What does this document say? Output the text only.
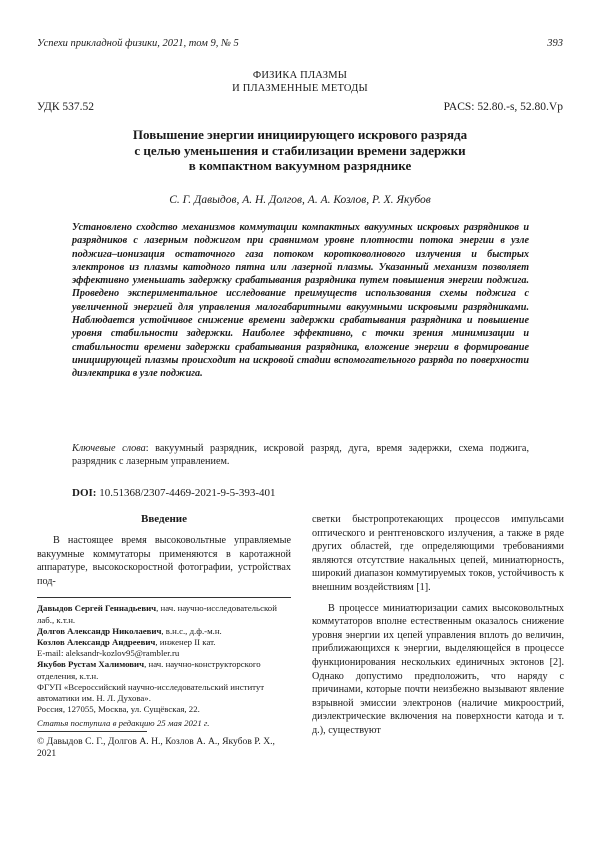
Успехи прикладной физики, 2021, том 9, № 5	393
ФИЗИКА ПЛАЗМЫ
И ПЛАЗМЕННЫЕ МЕТОДЫ
УДК 537.52	PACS: 52.80.-s, 52.80.Vp
Повышение энергии инициирующего искрового разряда
с целью уменьшения и стабилизации времени задержки
в компактном вакуумном разряднике
С. Г. Давыдов, А. Н. Долгов, А. А. Козлов, Р. Х. Якубов
Установлено сходство механизмов коммутации компактных вакуумных искровых разрядников и разрядников с лазерным поджигом при сравнимом уровне плотности потока энергии в узле поджига–ионизация остаточного газа потоком коротковолнового излучения и быстрых электронов из плазмы катодного пятна или лазерной плазмы. Указанный механизм позволяет эффективно уменьшать задержку срабатывания разрядника путем повышения энергии поджига. Проведено экспериментальное исследование преимуществ использования схемы поджига с увеличенной энергией для управления малогабаритными вакуумными искровыми разрядниками. Наблюдается устойчивое снижение времени задержки срабатывания разрядника и повышение уровня стабильности задержки. Наиболее эффективно, с точки зрения минимизации и стабильности времени задержки срабатывания разрядника, вложение энергии в формирование инициирующей плазмы происходит на искровой стадии вспомогательного разряда по поверхности диэлектрика в узле поджига.
Ключевые слова: вакуумный разрядник, искровой разряд, дуга, время задержки, схема поджига, разрядник с лазерным управлением.
DOI: 10.51368/2307-4469-2021-9-5-393-401
Введение

В настоящее время высоковольтные управляемые вакуумные коммутаторы применяются в каротажной аппаратуре, высокоскоростной фотографии, устройствах под-

Давыдов Сергей Геннадьевич, нач. научно-исследовательской лаб., к.т.н.
Долгов Александр Николаевич, в.н.с., д.ф.-м.н.
Козлов Александр Андреевич, инженер II кат.
E-mail: aleksandr-kozlov95@rambler.ru
Якубов Рустам Халимович, нач. научно-конструкторского отделения, к.т.н.
ФГУП «Всероссийский научно-исследовательский институт автоматики им. Н. Л. Духова».
Россия, 127055, Москва, ул. Сущёвская, 22.
Статья поступила в редакцию 25 мая 2021 г.
© Давыдов С. Г., Долгов А. Н., Козлов А. А., Якубов Р. Х., 2021

светки быстропротекающих процессов импульсами оптического и рентгеновского излучения, а также в ряде других областей, где определяющими требованиями являются отсутствие накальных цепей, миниатюрность, широкий диапазон коммутируемых токов, устойчивость к внешним воздействиям [1].

В процессе миниатюризации самих высоковольтных коммутаторов вполне естественным оказалось снижение уровня энергии их цепей управления вплоть до величин, приближающихся к энергии, выделяющейся в процессе функционирования нескольких единичных эктонов [2]. Однако допустимо предположить, что наряду с причинами, которые почти неизбежно вызывают явление взрывной эмиссии электронов (наличие микроострий, диэлектрические включения на поверхности катода и т. д.), существуют
